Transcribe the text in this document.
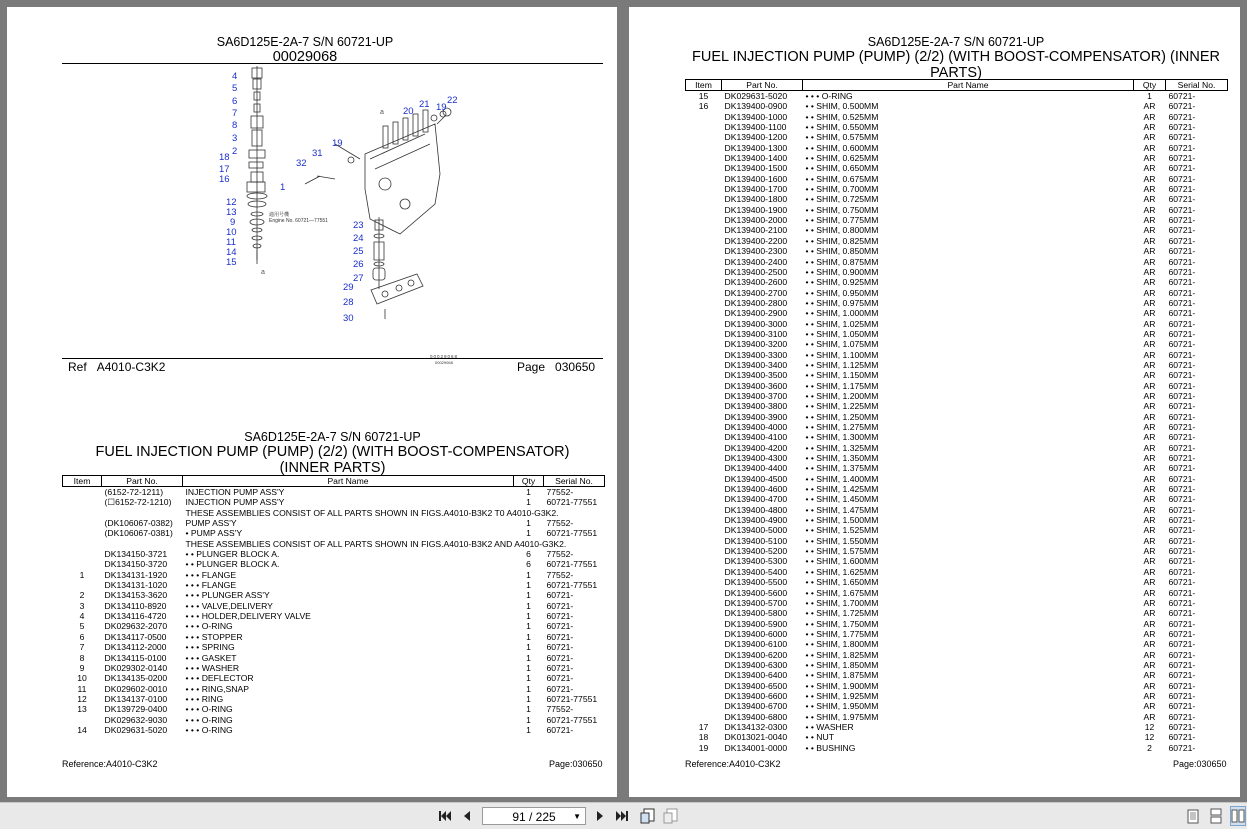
SA6D125E-2A-7 S/N 60721-UP
00029068
4
5
6
7
8
3
2
18
17
16
1
12
13
9
10
11
14
15
32
31
19
20
21 19
22
23
24
25
26
27
29
28
30
a
a
適用号機
Engine No. 60721—77551
00029068
00029068
Ref A4010-C3K2	Page 030650
SA6D125E-2A-7 S/N 60721-UP
FUEL INJECTION PUMP (PUMP) (2/2) (WITH BOOST-COMPENSATOR) (INNER PARTS)
Item	Part No.	Part Name	Qty	Serial No.
	(6152-72-1211)	INJECTION PUMP ASS'Y	1	77552-
	(☐6152-72-1210)	INJECTION PUMP ASS'Y	1	60721-77551
		THESE ASSEMBLIES CONSIST OF ALL PARTS SHOWN IN FIGS.A4010-B3K2 T0 A4010-G3K2.		
	(DK106067-0382)	PUMP ASS'Y	1	77552-
	(DK106067-0381)	• PUMP ASS'Y	1	60721-77551
		THESE ASSEMBLIES CONSIST OF ALL PARTS SHOWN IN FIGS.A4010-B3K2 AND A4010-G3K2.		
	DK134150-3721	• • PLUNGER BLOCK A.	6	77552-
	DK134150-3720	• • PLUNGER BLOCK A.	6	60721-77551
1	DK134131-1920	• • • FLANGE	1	77552-
	DK134131-1020	• • • FLANGE	1	60721-77551
2	DK134153-3620	• • • PLUNGER ASS'Y	1	60721-
3	DK134110-8920	• • • VALVE,DELIVERY	1	60721-
4	DK134116-4720	• • • HOLDER,DELIVERY VALVE	1	60721-
5	DK029632-2070	• • • O-RING	1	60721-
6	DK134117-0500	• • • STOPPER	1	60721-
7	DK134112-2000	• • • SPRING	1	60721-
8	DK134115-0100	• • • GASKET	1	60721-
9	DK029302-0140	• • • WASHER	1	60721-
10	DK134135-0200	• • • DEFLECTOR	1	60721-
11	DK029602-0010	• • • RING,SNAP	1	60721-
12	DK134137-0100	• • • RING	1	60721-77551
13	DK139729-0400	• • • O-RING	1	77552-
	DK029632-9030	• • • O-RING	1	60721-77551
14	DK029631-5020	• • • O-RING	1	60721-
Reference:A4010-C3K2	Page:030650
SA6D125E-2A-7 S/N 60721-UP
FUEL INJECTION PUMP (PUMP) (2/2) (WITH BOOST-COMPENSATOR) (INNER PARTS)
Item	Part No.	Part Name	Qty	Serial No.
15	DK029631-5020	• • • O-RING	1	60721-
16	DK139400-0900	• • SHIM, 0.500MM	AR	60721-
	DK139400-1000	• • SHIM, 0.525MM	AR	60721-
	DK139400-1100	• • SHIM, 0.550MM	AR	60721-
	DK139400-1200	• • SHIM, 0.575MM	AR	60721-
	DK139400-1300	• • SHIM, 0.600MM	AR	60721-
	DK139400-1400	• • SHIM, 0.625MM	AR	60721-
	DK139400-1500	• • SHIM, 0.650MM	AR	60721-
	DK139400-1600	• • SHIM, 0.675MM	AR	60721-
	DK139400-1700	• • SHIM, 0.700MM	AR	60721-
	DK139400-1800	• • SHIM, 0.725MM	AR	60721-
	DK139400-1900	• • SHIM, 0.750MM	AR	60721-
	DK139400-2000	• • SHIM, 0.775MM	AR	60721-
	DK139400-2100	• • SHIM, 0.800MM	AR	60721-
	DK139400-2200	• • SHIM, 0.825MM	AR	60721-
	DK139400-2300	• • SHIM, 0.850MM	AR	60721-
	DK139400-2400	• • SHIM, 0.875MM	AR	60721-
	DK139400-2500	• • SHIM, 0.900MM	AR	60721-
	DK139400-2600	• • SHIM, 0.925MM	AR	60721-
	DK139400-2700	• • SHIM, 0.950MM	AR	60721-
	DK139400-2800	• • SHIM, 0.975MM	AR	60721-
	DK139400-2900	• • SHIM, 1.000MM	AR	60721-
	DK139400-3000	• • SHIM, 1.025MM	AR	60721-
	DK139400-3100	• • SHIM, 1.050MM	AR	60721-
	DK139400-3200	• • SHIM, 1.075MM	AR	60721-
	DK139400-3300	• • SHIM, 1.100MM	AR	60721-
	DK139400-3400	• • SHIM, 1.125MM	AR	60721-
	DK139400-3500	• • SHIM, 1.150MM	AR	60721-
	DK139400-3600	• • SHIM, 1.175MM	AR	60721-
	DK139400-3700	• • SHIM, 1.200MM	AR	60721-
	DK139400-3800	• • SHIM, 1.225MM	AR	60721-
	DK139400-3900	• • SHIM, 1.250MM	AR	60721-
	DK139400-4000	• • SHIM, 1.275MM	AR	60721-
	DK139400-4100	• • SHIM, 1.300MM	AR	60721-
	DK139400-4200	• • SHIM, 1.325MM	AR	60721-
	DK139400-4300	• • SHIM, 1.350MM	AR	60721-
	DK139400-4400	• • SHIM, 1.375MM	AR	60721-
	DK139400-4500	• • SHIM, 1.400MM	AR	60721-
	DK139400-4600	• • SHIM, 1.425MM	AR	60721-
	DK139400-4700	• • SHIM, 1.450MM	AR	60721-
	DK139400-4800	• • SHIM, 1.475MM	AR	60721-
	DK139400-4900	• • SHIM, 1.500MM	AR	60721-
	DK139400-5000	• • SHIM, 1.525MM	AR	60721-
	DK139400-5100	• • SHIM, 1.550MM	AR	60721-
	DK139400-5200	• • SHIM, 1.575MM	AR	60721-
	DK139400-5300	• • SHIM, 1.600MM	AR	60721-
	DK139400-5400	• • SHIM, 1.625MM	AR	60721-
	DK139400-5500	• • SHIM, 1.650MM	AR	60721-
	DK139400-5600	• • SHIM, 1.675MM	AR	60721-
	DK139400-5700	• • SHIM, 1.700MM	AR	60721-
	DK139400-5800	• • SHIM, 1.725MM	AR	60721-
	DK139400-5900	• • SHIM, 1.750MM	AR	60721-
	DK139400-6000	• • SHIM, 1.775MM	AR	60721-
	DK139400-6100	• • SHIM, 1.800MM	AR	60721-
	DK139400-6200	• • SHIM, 1.825MM	AR	60721-
	DK139400-6300	• • SHIM, 1.850MM	AR	60721-
	DK139400-6400	• • SHIM, 1.875MM	AR	60721-
	DK139400-6500	• • SHIM, 1.900MM	AR	60721-
	DK139400-6600	• • SHIM, 1.925MM	AR	60721-
	DK139400-6700	• • SHIM, 1.950MM	AR	60721-
	DK139400-6800	• • SHIM, 1.975MM	AR	60721-
17	DK134132-0300	• • WASHER	12	60721-
18	DK013021-0040	• • NUT	12	60721-
19	DK134001-0000	• • BUSHING	2	60721-
Reference:A4010-C3K2	Page:030650
91 / 225 ▼
